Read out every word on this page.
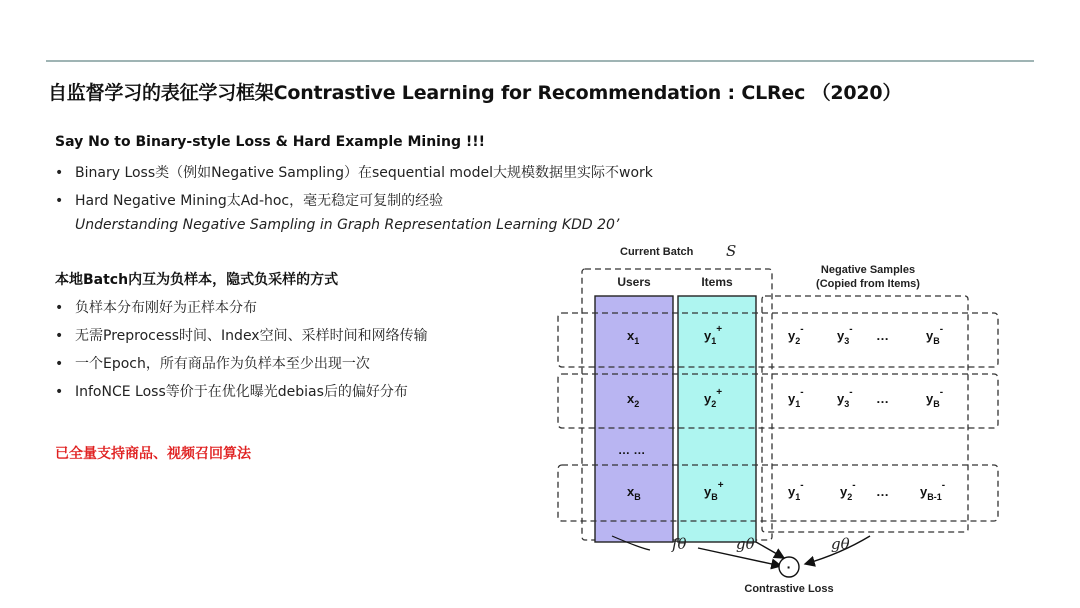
自监督学习的表征学习框架Contrastive Learning for Recommendation : CLRec （2020）
Say No to Binary-style Loss & Hard Example Mining !!!
• Binary Loss类（例如Negative Sampling）在sequential model大规模数据里实际不work
• Hard Negative Mining太Ad-hoc，毫无稳定可复制的经验
Understanding Negative Sampling in Graph Representation Learning KDD 20’
本地Batch内互为负样本，隐式负采样的方式
• 负样本分布刚好为正样本分布
• 无需Preprocess时间、Index空间、采样时间和网络传输
• 一个Epoch，所有商品作为负样本至少出现一次
• InfoNCE Loss等价于在优化曝光debias后的偏好分布
已全量支持商品、视频召回算法
Current Batch S
Negative Samples
(Copied from Items)
Users	Items
$x_1$	$y_1^+$	$y_2^-$	$y_3^-$ …	$y_B^-$
$x_2$	$y_2^+$	$y_1^-$	$y_3^-$ …	$y_B^-$
… …
$x_B$	$y_B^+$	$y_1^-$	$y_2^-$ … $y_{B-1}^-$
fθ	gθ	gθ
·
Contrastive Loss
